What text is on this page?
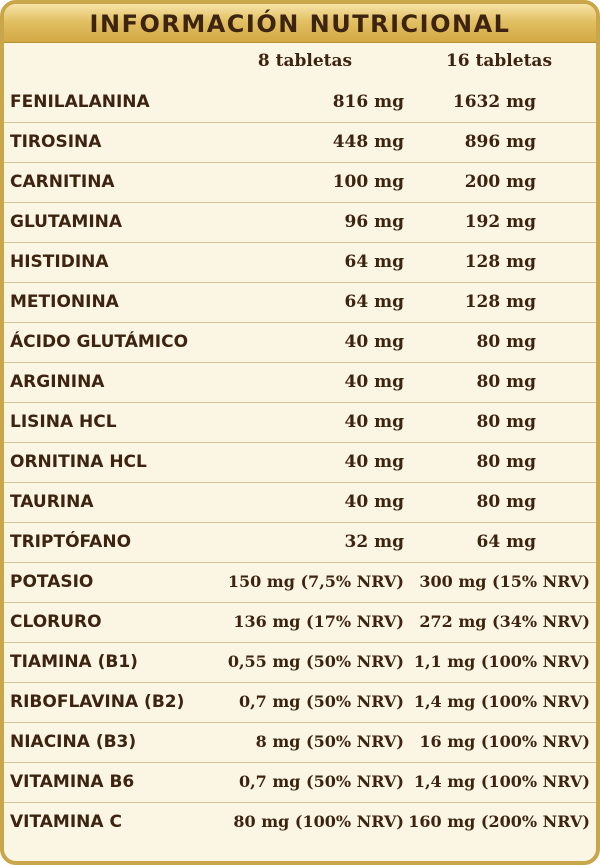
INFORMACIÓN NUTRICIONAL
8 tabletas	16 tabletas
FENILALANINA	816 mg	1632 mg
TIROSINA	448 mg	896 mg
CARNITINA	100 mg	200 mg
GLUTAMINA	96 mg	192 mg
HISTIDINA	64 mg	128 mg
METIONINA	64 mg	128 mg
ÁCIDO GLUTÁMICO	40 mg	80 mg
ARGININA	40 mg	80 mg
LISINA HCL	40 mg	80 mg
ORNITINA HCL	40 mg	80 mg
TAURINA	40 mg	80 mg
TRIPTÓFANO	32 mg	64 mg
POTASIO	150 mg (7,5% NRV) 300 mg (15% NRV)
CLORURO	136 mg (17% NRV) 272 mg (34% NRV)
TIAMINA (B1)	0,55 mg (50% NRV) 1,1 mg (100% NRV)
RIBOFLAVINA (B2)	0,7 mg (50% NRV) 1,4 mg (100% NRV)
NIACINA (B3)	8 mg (50% NRV) 16 mg (100% NRV)
VITAMINA B6	0,7 mg (50% NRV) 1,4 mg (100% NRV)
VITAMINA C	80 mg (100% NRV) 160 mg (200% NRV)
